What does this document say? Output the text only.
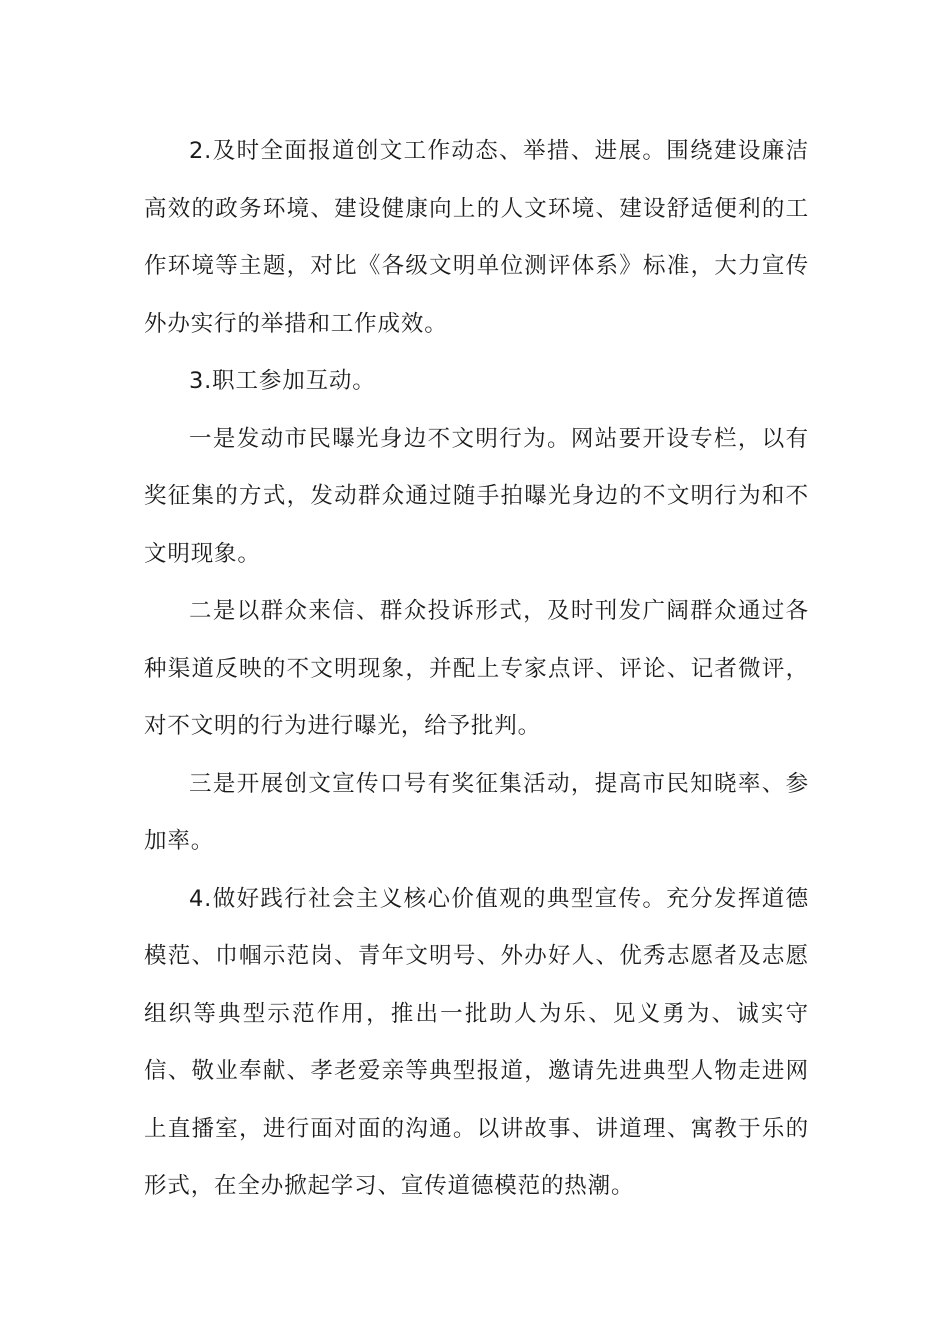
2.及时全面报道创文工作动态、举措、进展。围绕建设廉洁高效的政务环境、建设健康向上的人文环境、建设舒适便利的工作环境等主题，对比《各级文明单位测评体系》标准，大力宣传外办实行的举措和工作成效。

3.职工参加互动。

一是发动市民曝光身边不文明行为。网站要开设专栏，以有奖征集的方式，发动群众通过随手拍曝光身边的不文明行为和不文明现象。

二是以群众来信、群众投诉形式，及时刊发广阔群众通过各种渠道反映的不文明现象，并配上专家点评、评论、记者微评，对不文明的行为进行曝光，给予批判。

三是开展创文宣传口号有奖征集活动，提高市民知晓率、参加率。

4.做好践行社会主义核心价值观的典型宣传。充分发挥道德模范、巾帼示范岗、青年文明号、外办好人、优秀志愿者及志愿组织等典型示范作用，推出一批助人为乐、见义勇为、诚实守信、敬业奉献、孝老爱亲等典型报道，邀请先进典型人物走进网上直播室，进行面对面的沟通。以讲故事、讲道理、寓教于乐的形式，在全办掀起学习、宣传道德模范的热潮。
